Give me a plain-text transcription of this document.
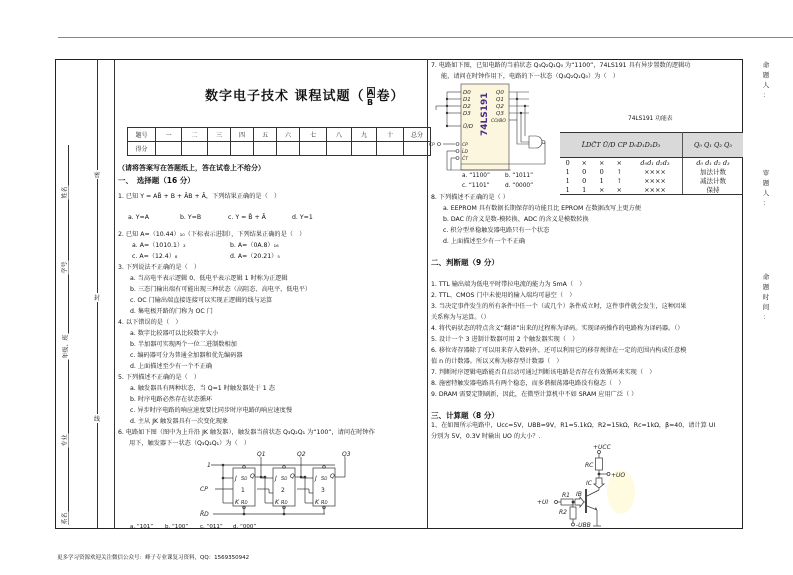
姓名
学号
年级、班
专业
系名
密
封
线
数字电子技术 课程试题（ $\frac{A}{B}$ 卷）
题号	一	二	三	四	五	六	七	八	九	十	总分
得分											
（请将答案写在答题纸上，答在试卷上不给分）
一、　选择题（16 分）
1. 已知 Y = AB̄ + B + ĀB + Ā，下列结果正确的是（　）
a. Y=A	b. Y=B	c. Y = B̄ + Ā	d. Y=1
2. 已知 A=（10.44）₁₀（下标表示进制），下列结果正确的是（　）
a. A=（1010.1）₂	b. A=（0A.8）₁₆
c. A=（12.4）₈	d. A=（20.21）₅
3. 下列说法不正确的是（　）
a. 当高电平表示逻辑 0、低电平表示逻辑 1 时称为正逻辑
b. 三态门输出端有可能出现三种状态（高阻态、高电平、低电平）
c. OC 门输出端直接连接可以实现正逻辑的线与运算
d. 集电极开路的门称为 OC 门
4. 以下错误的是（　）
a. 数字比较器可以比较数字大小
b. 半加器可实现两个一位二进制数相加
c. 编码器可分为普通全加器和优先编码器
d. 上面描述至少有一个不正确
5. 下列描述不正确的是（　）
a. 触发器具有两种状态，当 Q=1 时触发器处于 1 态
b. 时序电路必然存在状态循环
c. 异步时序电路的响应速度要比同步时序电路的响应速度慢
d. 主从 JK 触发器具有一次变化现象
6. 电路如下图（图中为上升沿 JK 触发器），触发器当前状态 Q₃Q₂Q₁ 为“100”，请问在时钟作
用下，触发器下一状态（Q₃Q₂Q₁）为（　）
1
CP
R̄D
Q1	Q2	Q3
J SD Q
1
K RD
J SD Q
2
K RD
J SD Q
3
K RD
a. “101” b. “100” c. “011” d. “000”
7. 电路如下图，已知电路的当前状态 Q₃Q₂Q₁Q₀ 为“1100”，74LS191 具有异步置数的逻辑功
能，请问在时钟作用下，电路的下一状态（Q₃Q₂Q₁Q₀）为（　）
D0
D1
D2
D3
Ū/D
CP
L̄D
C̄T
Q0
Q1
Q2
Q3
CO/BO
CP
74LS191
a. “1100”	b. “1011”
c. “1101”	d. “0000”
74LS191 功能表
L̄DC̄T Ū/D CP D₀D₁D₂D₃					Q₀ Q₁ Q₂ Q₃
0	×	×	×	d₀d₁ d₂d₃	d₀ d₁ d₂ d₃
1	0	0	↑	××××	加法计数
1	0	1	↑	××××	减法计数
1	1	×	×	××××	保持
8. 下列描述不正确的是（ ）
a. EEPROM 具有数据长期保存的功能且比 EPROM 在数据改写上更方便
b. DAC 的含义是数-模转换、ADC 的含义是模数转换
c. 积分型单稳触发器电路只有一个状态
d. 上面描述至少有一个不正确
二、判断题（9 分）
1. TTL 输出端为低电平时带拉电流的能力为 5mA（　）
2. TTL、CMOS 门中未使用的输入端均可悬空（　）
3. 当决定事件发生的所有条件中任一个（或几个）条件成立时，这件事件就会发生，这种因果
关系称为与运算。（）
4. 将代码状态的特点含义“翻译”出来的过程称为译码。实现译码操作的电路称为译码器。（）
5. 设计一个 3 进制计数器可用 2 个触发器实现（　）
6. 移位寄存器除了可以用来存入数码外，还可以利用它的移存规律在一定的范围内构成任意模
值 n 的计数器。所以又称为移存型计数器（　）
7. 判断时序逻辑电路能否自启动可通过判断该电路是否存在有效循环来实现（　）
8. 施密特触发器电路具有两个稳态，而多谐振荡器电路没有稳态（　）
9. DRAM 需要定期刷新，因此，在微型计算机中不如 SRAM 应用广泛（ ）
三、计算题（8 分）
1、在如图所示电路中，Ucc=5V，UBB=9V，R1=5.1kΩ，R2=15kΩ，Rc=1kΩ，β=40，请计算 UI
分别为 5V，0.3V 时输出 UO 的大小？.
+UCC
RC
IC
+UO
R1 IB
+UI
R2
-UBB
命
题
人
：
审
题
人
：
命
题
时
间
：
更多学习资源欢迎关注微信公众号：峰子专业课复习资料，QQ：1569350942
